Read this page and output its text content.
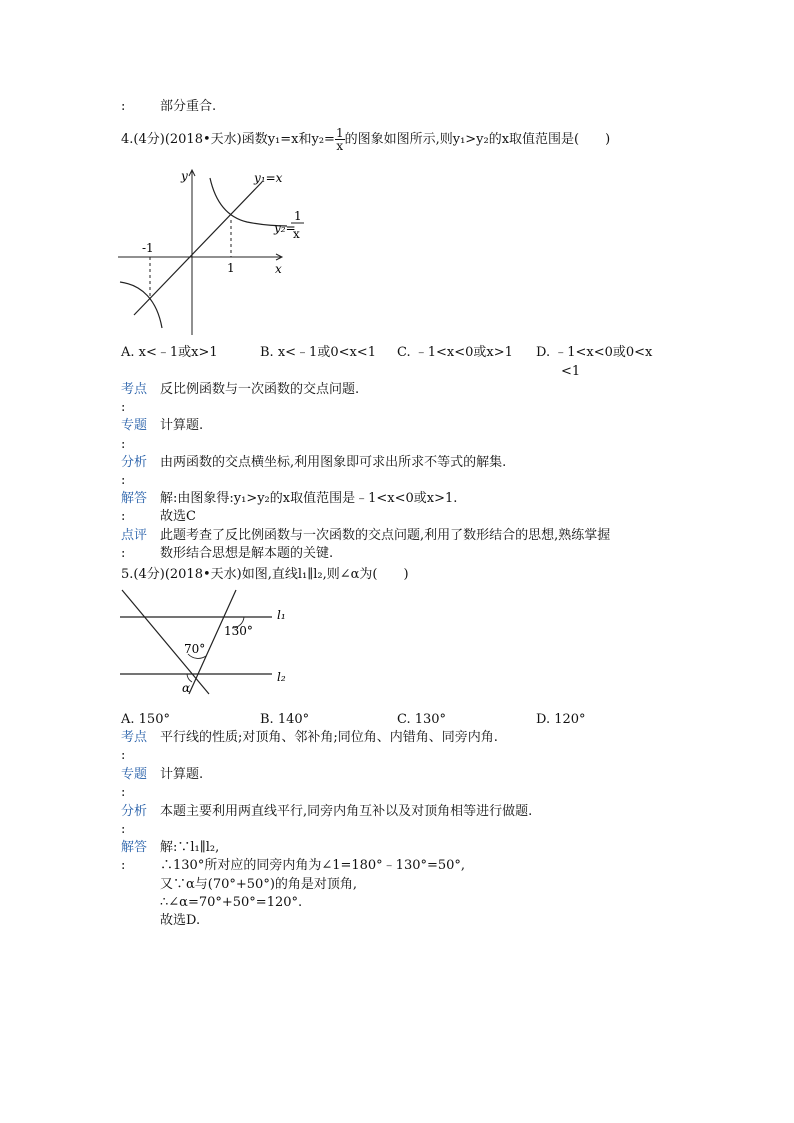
:	部分重合.
4.(4分)(2018•天水)函数y₁=x和$y_2= \frac{1}{x}$ 的图象如图所示,则y₁>y₂的x取值范围是(　　)
y
x
y₁=x
y₂=
1
x
-1
1
A. x<﹣1或x>1	B. x<﹣1或0<x<1 C. ﹣1<x<0或x>1 D. ﹣1<x<0或0<x
<1
考点 反比例函数与一次函数的交点问题.
:
专题 计算题.
:
分析 由两函数的交点横坐标,利用图象即可求出所求不等式的解集.
:
解答 解:由图象得:y₁>y₂的x取值范围是﹣1<x<0或x>1.
:	故选C
点评 此题考查了反比例函数与一次函数的交点问题,利用了数形结合的思想,熟练掌握
:	数形结合思想是解本题的关键.
5.(4分)(2018•天水)如图,直线l₁∥l₂,则∠α为(　　)
l₁
l₂
130°
70°
α
A. 150°	B. 140°	C. 130°	D. 120°
考点 平行线的性质;对顶角、邻补角;同位角、内错角、同旁内角.
:
专题 计算题.
:
分析 本题主要利用两直线平行,同旁内角互补以及对顶角相等进行做题.
:
解答 解:∵l₁∥l₂,
:	∴130°所对应的同旁内角为∠1=180°﹣130°=50°,
又∵α与(70°+50°)的角是对顶角,
∴∠α=70°+50°=120°.
故选D.
